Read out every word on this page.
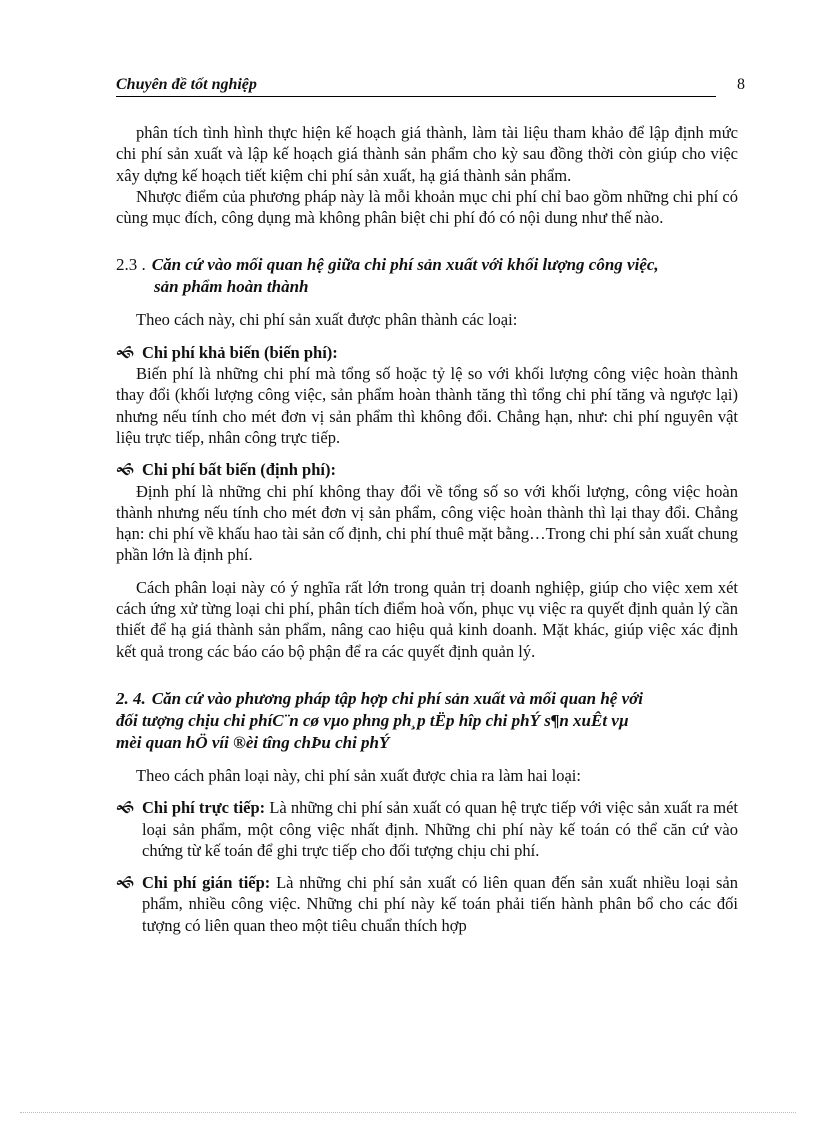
Chuyên đề tốt nghiệp	8

phân tích tình hình thực hiện kế hoạch giá thành, làm tài liệu tham khảo để lập định mức chi phí sản xuất và lập kế hoạch giá thành sản phẩm cho kỳ sau đồng thời còn giúp cho việc xây dựng kế hoạch tiết kiệm chi phí sản xuất, hạ giá thành sản phẩm.

Nhược điểm của phương pháp này là mỗi khoản mục chi phí chỉ bao gồm những chi phí có cùng mục đích, công dụng mà không phân biệt chi phí đó có nội dung như thế nào.

2.3 . Căn cứ vào mối quan hệ giữa chi phí sản xuất với khối lượng công việc,
sản phẩm hoàn thành

Theo cách này, chi phí sản xuất được phân thành các loại:

🙜 Chi phí khả biến (biến phí):

Biến phí là những chi phí mà tổng số hoặc tỷ lệ so với khối lượng công việc hoàn thành thay đổi (khối lượng công việc, sản phẩm hoàn thành tăng thì tổng chi phí tăng và ngược lại) nhưng nếu tính cho mét đơn vị sản phẩm thì không đổi. Chẳng hạn, như: chi phí nguyên vật liệu trực tiếp, nhân công trực tiếp.

🙜 Chi phí bất biến (định phí):

Định phí là những chi phí không thay đổi về tổng số so với khối lượng, công việc hoàn thành nhưng nếu tính cho mét đơn vị sản phẩm, công việc hoàn thành thì lại thay đổi. Chẳng hạn: chi phí về khấu hao tài sản cố định, chi phí thuê mặt bằng…Trong chi phí sản xuất chung phần lớn là định phí.

Cách phân loại này có ý nghĩa rất lớn trong quản trị doanh nghiệp, giúp cho việc xem xét cách ứng xử từng loại chi phí, phân tích điểm hoà vốn, phục vụ việc ra quyết định quản lý cần thiết để hạ giá thành sản phẩm, nâng cao hiệu quả kinh doanh. Mặt khác, giúp việc xác định kết quả trong các báo cáo bộ phận để ra các quyết định quản lý.

2. 4. Căn cứ vào phương pháp tập hợp chi phí sản xuất và mối quan hệ với
đối tượng chịu chi phíC¨n cø vµo phng ph¸p tËp hîp chi phÝ s¶n xuÊt vµ
mèi quan hÖ víi ®èi tîng chÞu chi phÝ

Theo cách phân loại này, chi phí sản xuất được chia ra làm hai loại:

🙜 Chi phí trực tiếp: Là những chi phí sản xuất có quan hệ trực tiếp với việc sản xuất ra mét loại sản phẩm, một công việc nhất định. Những chi phí này kế toán có thể căn cứ vào chứng từ kế toán để ghi trực tiếp cho đối tượng chịu chi phí.

🙜 Chi phí gián tiếp: Là những chi phí sản xuất có liên quan đến sản xuất nhiều loại sản phẩm, nhiều công việc. Những chi phí này kế toán phải tiến hành phân bổ cho các đối tượng có liên quan theo một tiêu chuẩn thích hợp
